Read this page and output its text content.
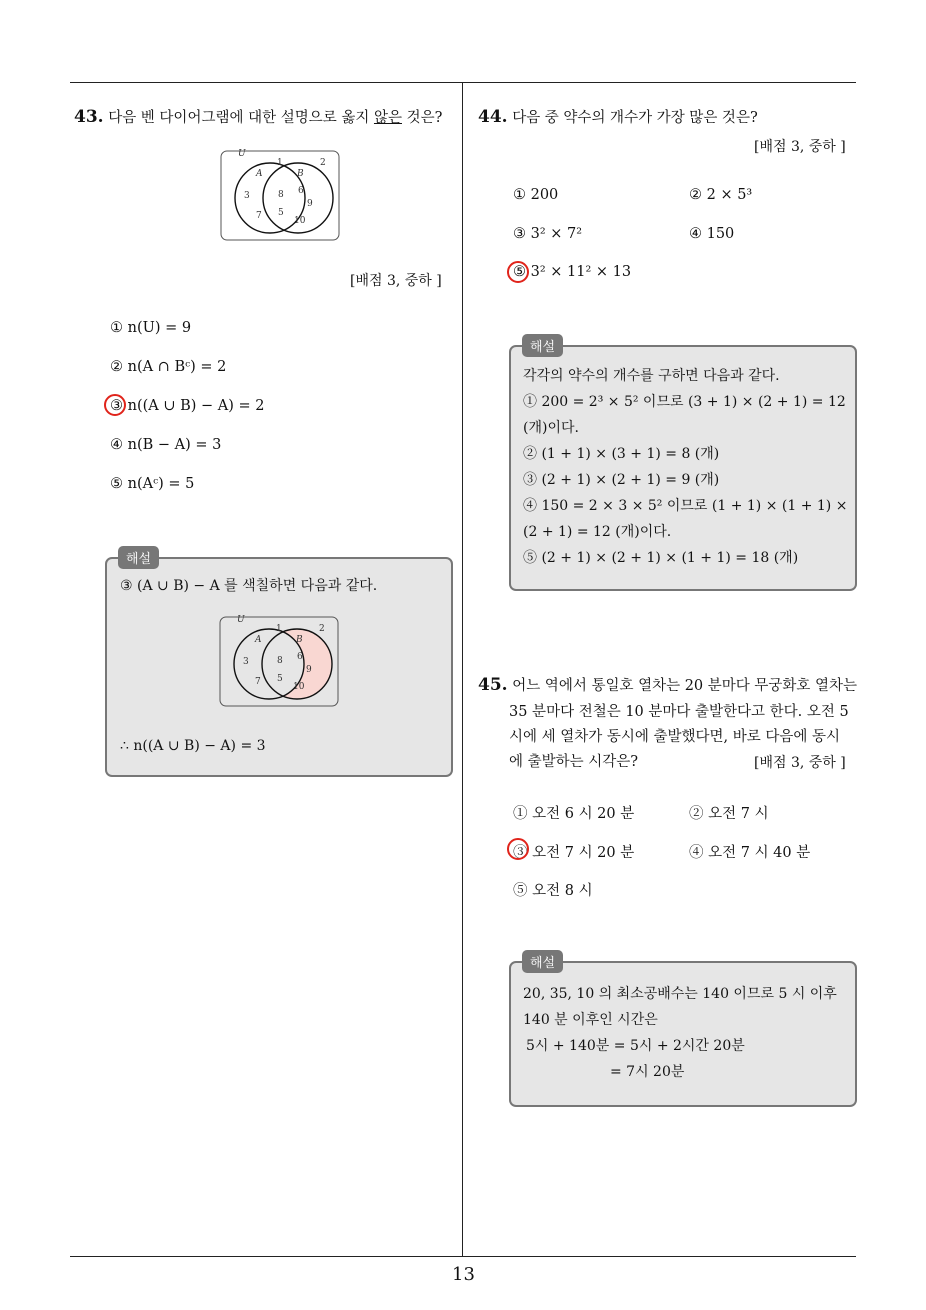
13
43. 다음 벤 다이어그램에 대한 설명으로 옳지 않은 것은?
U
A	B
1	2
3
7
8
5
6
9
10
[배점 3, 중하 ]
① n(U) = 9
② n(A ∩ Bᶜ) = 2
③ n((A ∪ B) − A) = 2
④ n(B − A) = 3
⑤ n(Aᶜ) = 5
해설
③ (A ∪ B) − A 를 색칠하면 다음과 같다.
U
A	B
1	2
3
7
8
5
6
9
10
∴ n((A ∪ B) − A) = 3
44. 다음 중 약수의 개수가 가장 많은 것은?
[배점 3, 중하 ]
① 200	② 2 × 5³
③ 3² × 7²	④ 150
⑤ 3² × 11² × 13
해설
각각의 약수의 개수를 구하면 다음과 같다.
① 200 = 2³ × 5² 이므로 (3 + 1) × (2 + 1) = 12
(개)이다.
② (1 + 1) × (3 + 1) = 8 (개)
③ (2 + 1) × (2 + 1) = 9 (개)
④ 150 = 2 × 3 × 5² 이므로 (1 + 1) × (1 + 1) ×
(2 + 1) = 12 (개)이다.
⑤ (2 + 1) × (2 + 1) × (1 + 1) = 18 (개)
45. 어느 역에서 통일호 열차는 20 분마다 무궁화호 열차는
35 분마다 전철은 10 분마다 출발한다고 한다. 오전 5
시에 세 열차가 동시에 출발했다면, 바로 다음에 동시
에 출발하는 시각은?	[배점 3, 중하 ]
① 오전 6 시 20 분	② 오전 7 시
③ 오전 7 시 20 분	④ 오전 7 시 40 분
⑤ 오전 8 시
해설
20, 35, 10 의 최소공배수는 140 이므로 5 시 이후
140 분 이후인 시간은
5시 + 140분 = 5시 + 2시간 20분
= 7시 20분
